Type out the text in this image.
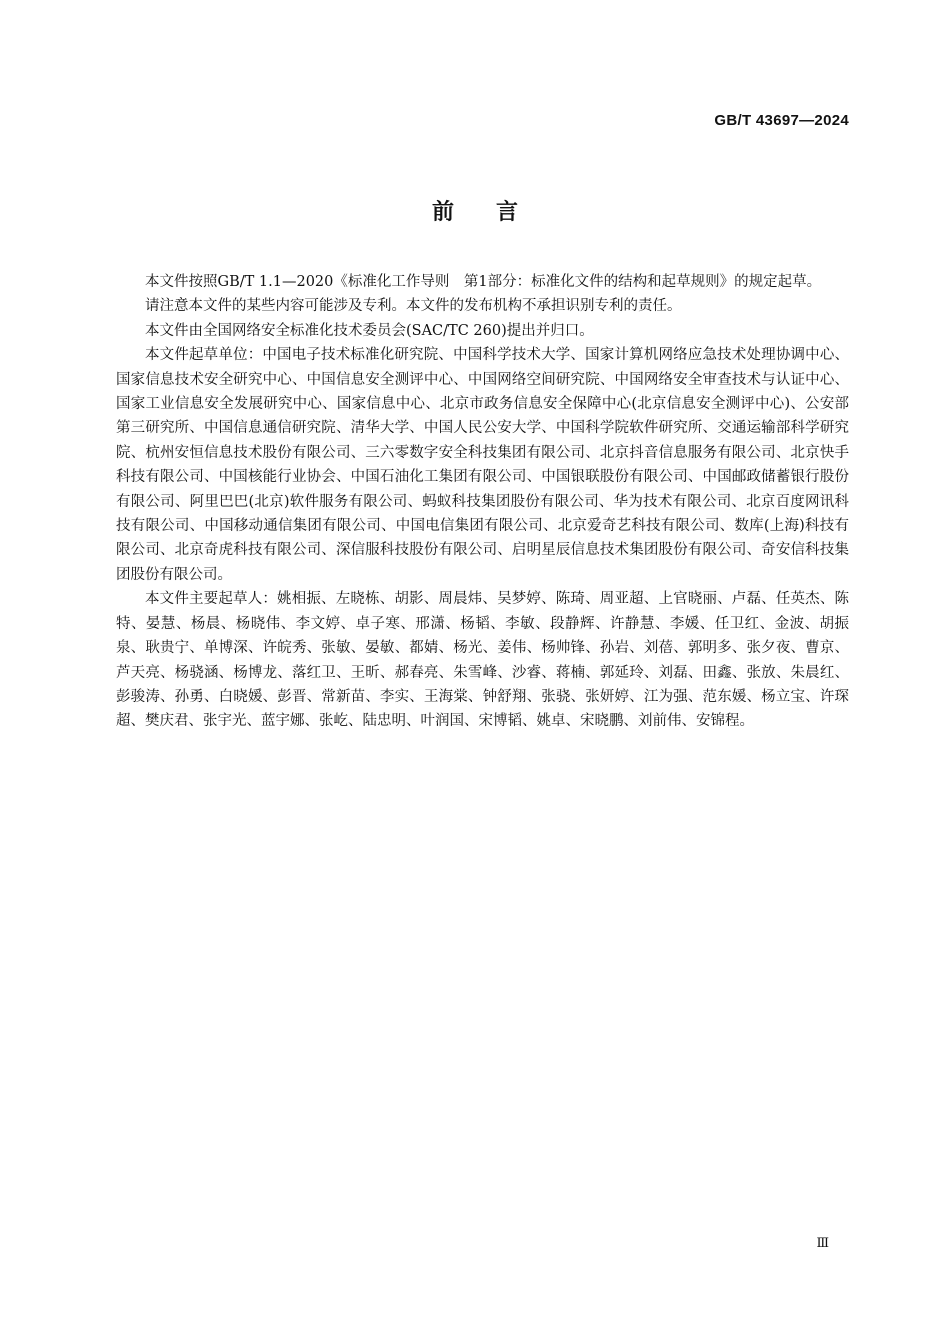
GB/T 43697—2024
前言

本文件按照GB/T 1.1—2020《标准化工作导则　第1部分：标准化文件的结构和起草规则》的规定起草。

请注意本文件的某些内容可能涉及专利。本文件的发布机构不承担识别专利的责任。

本文件由全国网络安全标准化技术委员会(SAC/TC 260)提出并归口。

本文件起草单位：中国电子技术标准化研究院、中国科学技术大学、国家计算机网络应急技术处理协调中心、国家信息技术安全研究中心、中国信息安全测评中心、中国网络空间研究院、中国网络安全审查技术与认证中心、国家工业信息安全发展研究中心、国家信息中心、北京市政务信息安全保障中心(北京信息安全测评中心)、公安部第三研究所、中国信息通信研究院、清华大学、中国人民公安大学、中国科学院软件研究所、交通运输部科学研究院、杭州安恒信息技术股份有限公司、三六零数字安全科技集团有限公司、北京抖音信息服务有限公司、北京快手科技有限公司、中国核能行业协会、中国石油化工集团有限公司、中国银联股份有限公司、中国邮政储蓄银行股份有限公司、阿里巴巴(北京)软件服务有限公司、蚂蚁科技集团股份有限公司、华为技术有限公司、北京百度网讯科技有限公司、中国移动通信集团有限公司、中国电信集团有限公司、北京爱奇艺科技有限公司、数库(上海)科技有限公司、北京奇虎科技有限公司、深信服科技股份有限公司、启明星辰信息技术集团股份有限公司、奇安信科技集团股份有限公司。

本文件主要起草人：姚相振、左晓栋、胡影、周晨炜、吴梦婷、陈琦、周亚超、上官晓丽、卢磊、任英杰、陈特、晏慧、杨晨、杨晓伟、李文婷、卓子寒、邢潇、杨韬、李敏、段静辉、许静慧、李媛、任卫红、金波、胡振泉、耿贵宁、单博深、许皖秀、张敏、晏敏、都婧、杨光、姜伟、杨帅锋、孙岩、刘蓓、郭明多、张夕夜、曹京、芦天亮、杨骁涵、杨博龙、落红卫、王昕、郝春亮、朱雪峰、沙睿、蒋楠、郭延玲、刘磊、田鑫、张放、朱晨红、彭骏涛、孙勇、白晓媛、彭晋、常新苗、李实、王海棠、钟舒翔、张骁、张妍婷、江为强、范东媛、杨立宝、许琛超、樊庆君、张宇光、蓝宇娜、张屹、陆忠明、叶润国、宋博韬、姚卓、宋晓鹏、刘前伟、安锦程。

Ⅲ
